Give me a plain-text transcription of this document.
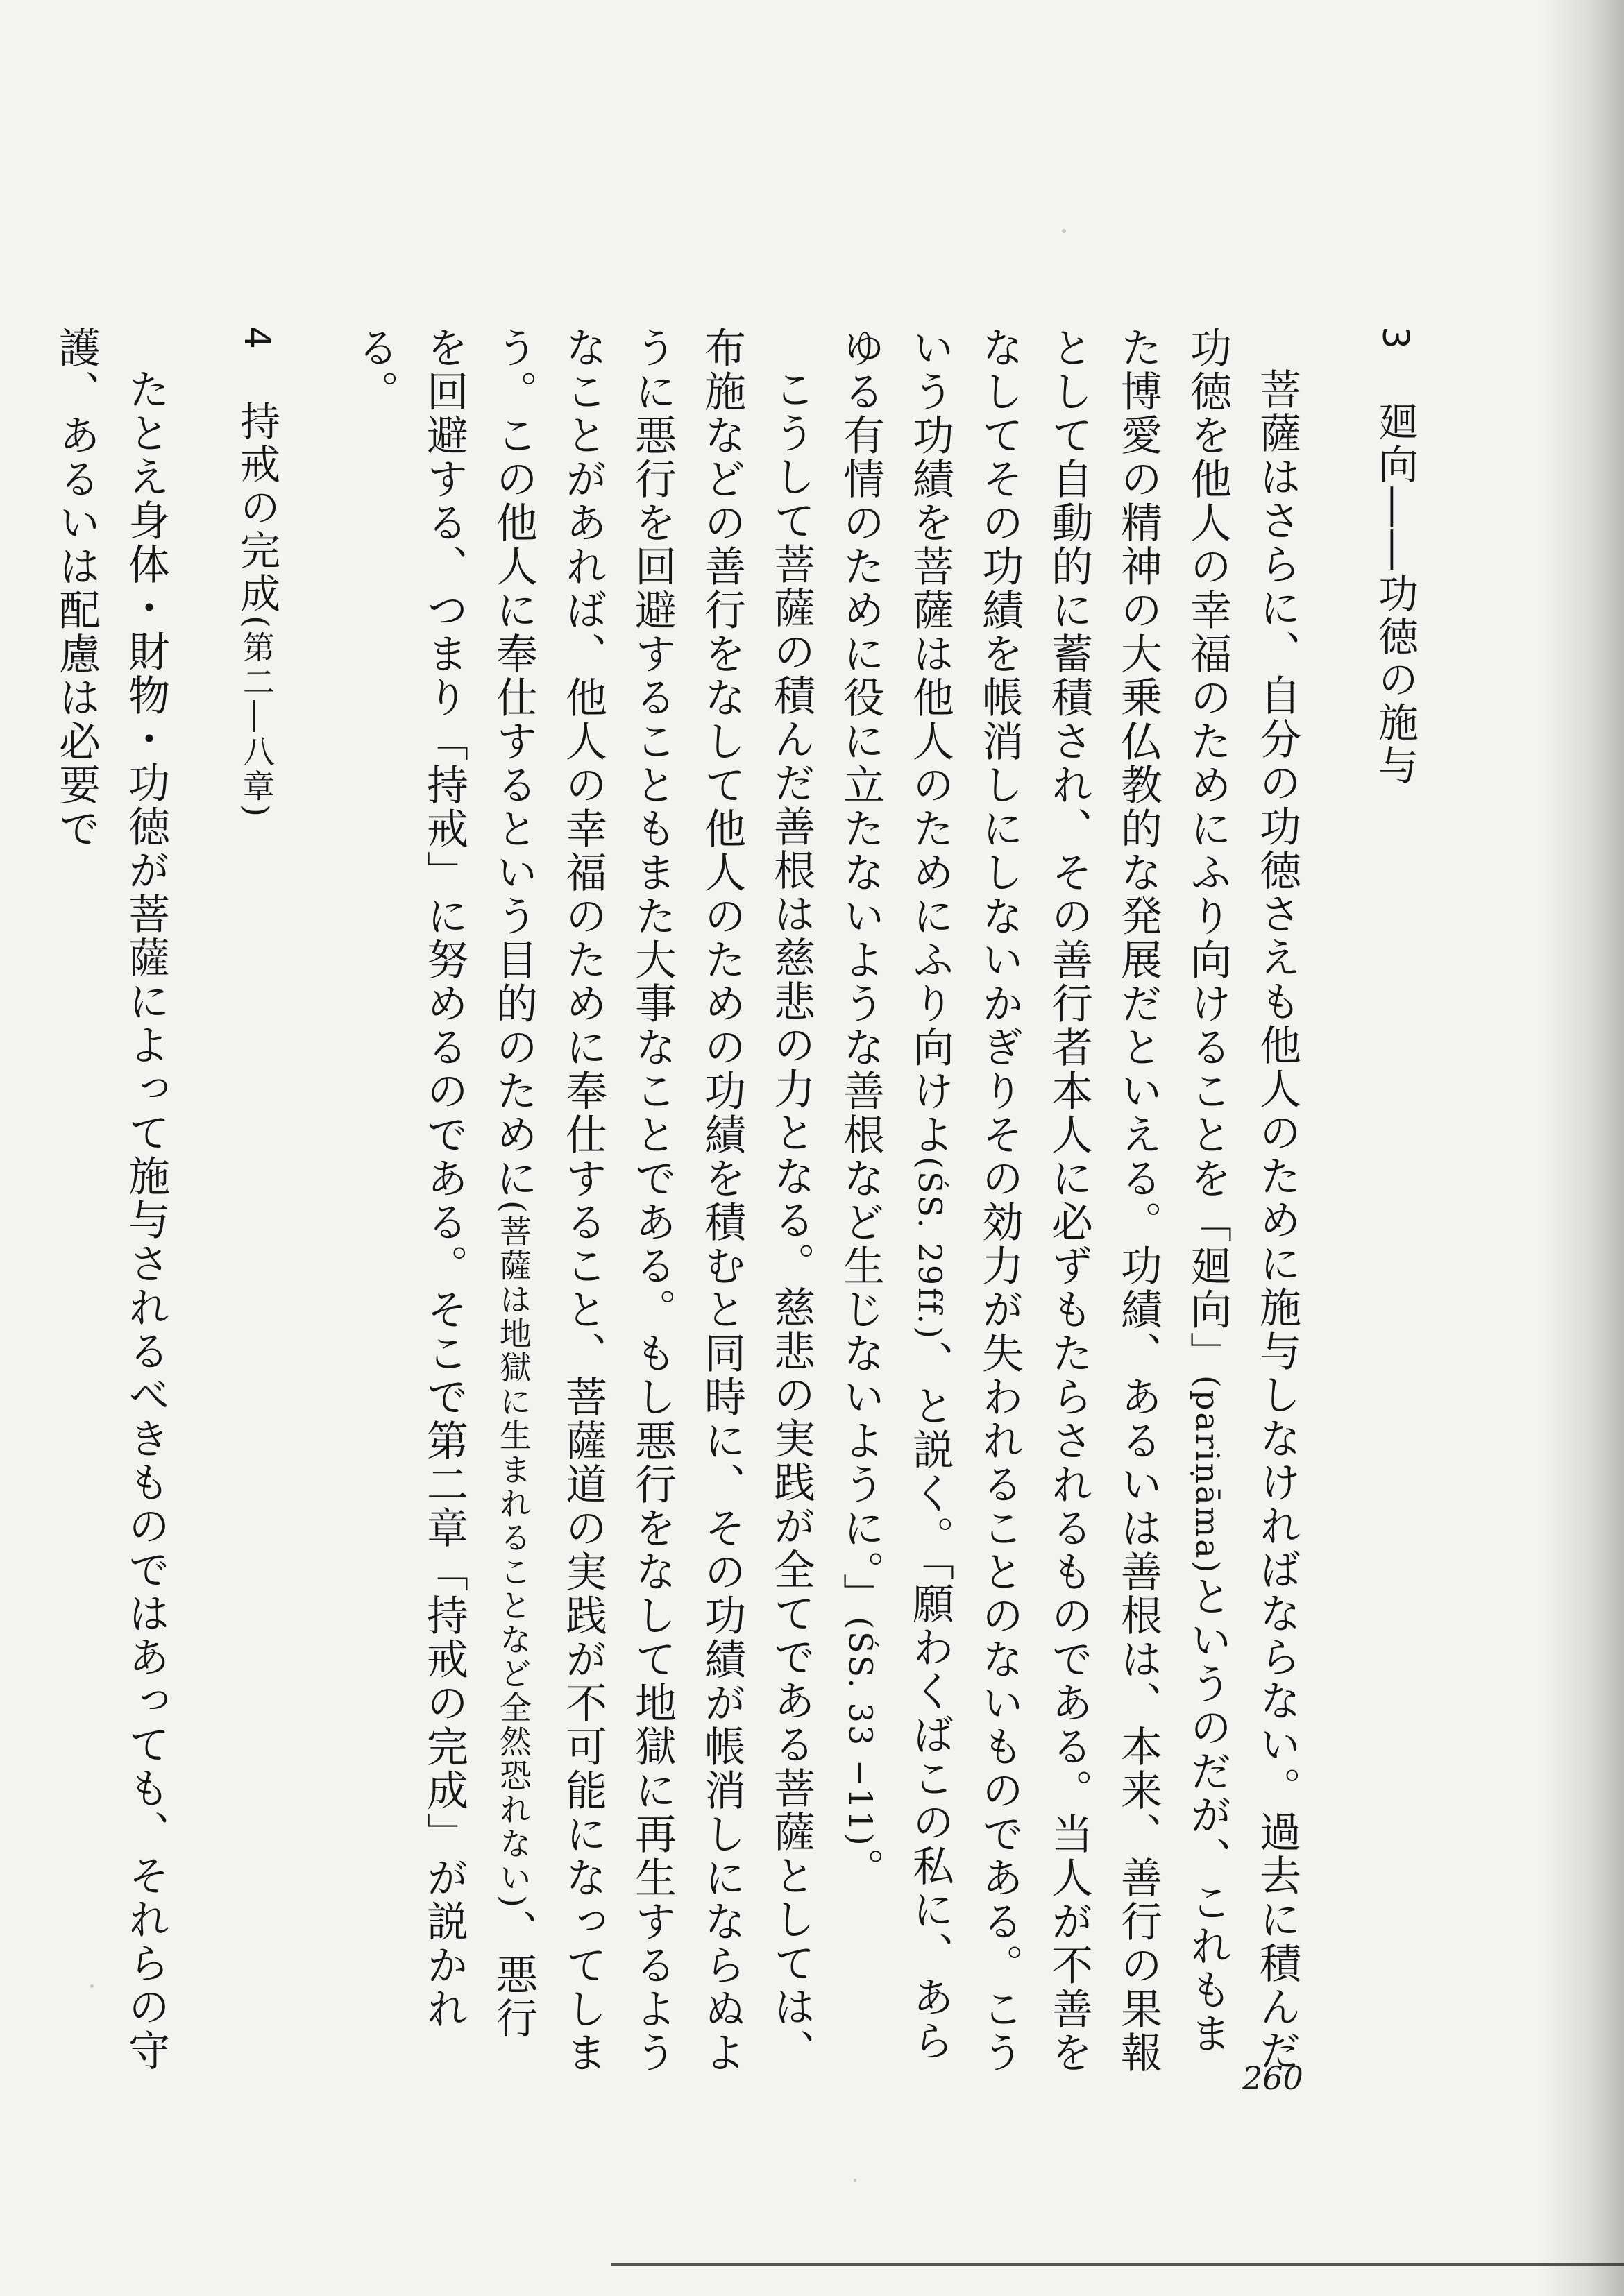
3廻向――功徳の施与

菩薩はさらに、自分の功徳さえも他人のために施与しなければならない。過去に積んだ功徳を他人の幸福のためにふり向けることを「廻向」(pariṇāma)というのだが、これもまた博愛の精神の大乗仏教的な発展だといえる。功績、あるいは善根は、本来、善行の果報として自動的に蓄積され、その善行者本人に必ずもたらされるものである。当人が不善をなしてその功績を帳消しにしないかぎりその効力が失われることのないものである。こういう功績を菩薩は他人のためにふり向けよ(ŚS. 29ff.)、と説く。「願わくばこの私に、あらゆる有情のために役に立たないような善根など生じないように。」(ŚS. 33 −11)。

こうして菩薩の積んだ善根は慈悲の力となる。慈悲の実践が全てである菩薩としては、布施などの善行をなして他人のための功績を積むと同時に、その功績が帳消しにならぬように悪行を回避することもまた大事なことである。もし悪行をなして地獄に再生するようなことがあれば、他人の幸福のために奉仕すること、菩薩道の実践が不可能になってしまう。この他人に奉仕するという目的のために(菩薩は地獄に生まれることなど全然恐れない)、悪行を回避する、つまり「持戒」に努めるのである。そこで第二章「持戒の完成」が説かれる。

4持戒の完成(第二―八章)

たとえ身体・財物・功徳が菩薩によって施与されるべきものではあっても、それらの守護、あるいは配慮は必要で

260
